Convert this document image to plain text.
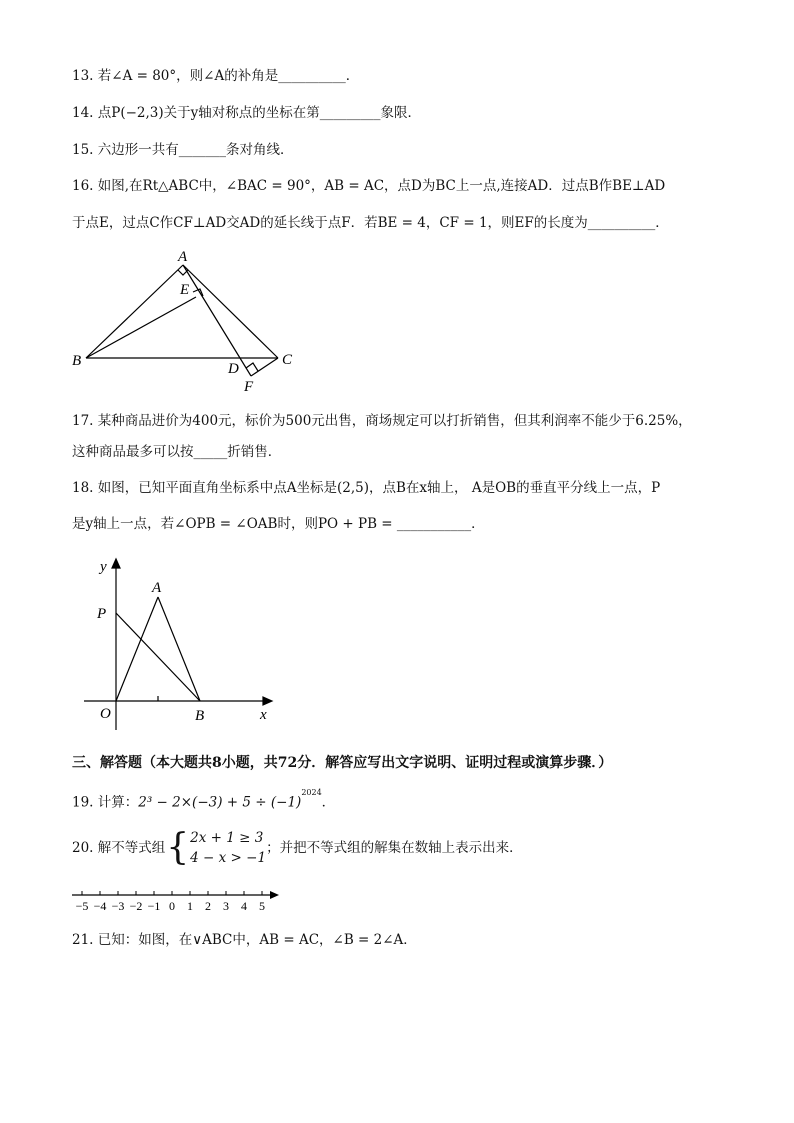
13. 若∠A = 80°，则∠A的补角是__________．
14. 点P(−2,3)关于y轴对称点的坐标在第_________象限．
15. 六边形一共有_______条对角线．
16. 如图,在Rt△ABC中，∠BAC = 90°，AB = AC，点D为BC上一点,连接AD．过点B作BE⊥AD
于点E，过点C作CF⊥AD交AD的延长线于点F．若BE = 4，CF = 1，则EF的长度为__________．
A
E
B	D
C
F
17. 某种商品进价为400元，标价为500元出售，商场规定可以打折销售，但其利润率不能少于6.25%，
这种商品最多可以按_____折销售．
18. 如图，已知平面直角坐标系中点A坐标是(2,5)，点B在x轴上， A是OB的垂直平分线上一点，P
是y轴上一点，若∠OPB = ∠OAB时，则PO + PB = ___________．
y
x
A
P
O	B
三、解答题（本大题共8小题，共72分．解答应写出文字说明、证明过程或演算步骤．）
19. 计算：$2^3 - 2\times(-3) + 5 \div (-1)^{2024}$．
20. 解不等式组 { 2x + 1 ≥ 3
4 − x > −1
；并把不等式组的解集在数轴上表示出来．
−5 −4 −3 −2 −1 0 1 2 3 4 5
21. 已知：如图，在∨ABC中，AB = AC，∠B = 2∠A．
